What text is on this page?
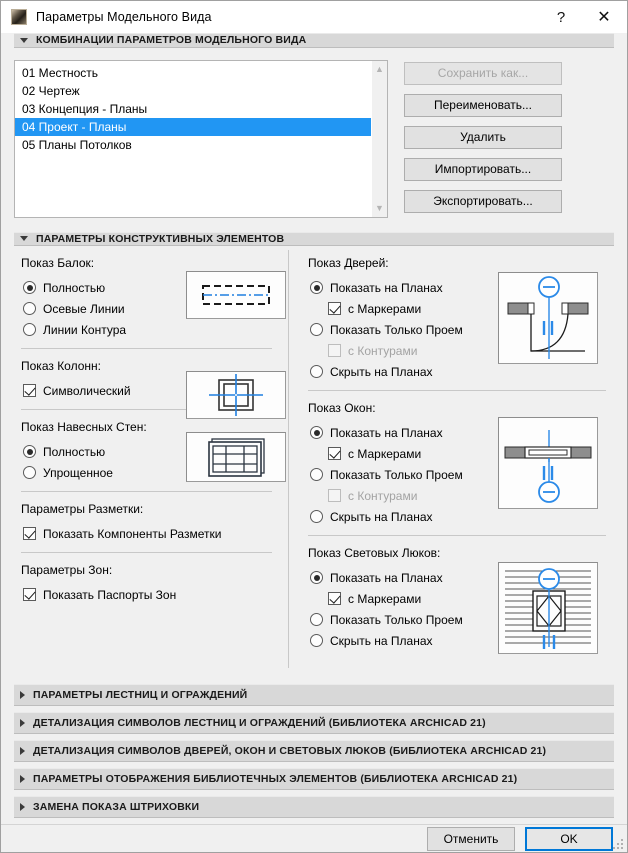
Параметры Модельного Вида	?	✕
КОМБИНАЦИИ ПАРАМЕТРОВ МОДЕЛЬНОГО ВИДА
01 Местность
02 Чертеж
03 Концепция - Планы
04 Проект - Планы
05 Планы Потолков
▲
▼
Сохранить как...
Переименовать...
Удалить
Импортировать...
Экспортировать...
ПАРАМЕТРЫ КОНСТРУКТИВНЫХ ЭЛЕМЕНТОВ
Показ Балок:
Полностью
Осевые Линии
Линии Контура
Показ Колонн:
Символический
Показ Навесных Стен:
Полностью
Упрощенное
Параметры Разметки:
Показать Компоненты Разметки
Параметры Зон:
Показать Паспорты Зон
Показ Дверей:
Показать на Планах
с Маркерами
Показать Только Проем
с Контурами
Скрыть на Планах
Показ Окон:
Показать на Планах
с Маркерами
Показать Только Проем
с Контурами
Скрыть на Планах
Показ Световых Люков:
Показать на Планах
с Маркерами
Показать Только Проем
Скрыть на Планах
ПАРАМЕТРЫ ЛЕСТНИЦ И ОГРАЖДЕНИЙ
ДЕТАЛИЗАЦИЯ СИМВОЛОВ ЛЕСТНИЦ И ОГРАЖДЕНИЙ (БИБЛИОТЕКА ARCHICAD 21)
ДЕТАЛИЗАЦИЯ СИМВОЛОВ ДВЕРЕЙ, ОКОН И СВЕТОВЫХ ЛЮКОВ (БИБЛИОТЕКА ARCHICAD 21)
ПАРАМЕТРЫ ОТОБРАЖЕНИЯ БИБЛИОТЕЧНЫХ ЭЛЕМЕНТОВ (БИБЛИОТЕКА ARCHICAD 21)
ЗАМЕНА ПОКАЗА ШТРИХОВКИ
Отменить	OK
